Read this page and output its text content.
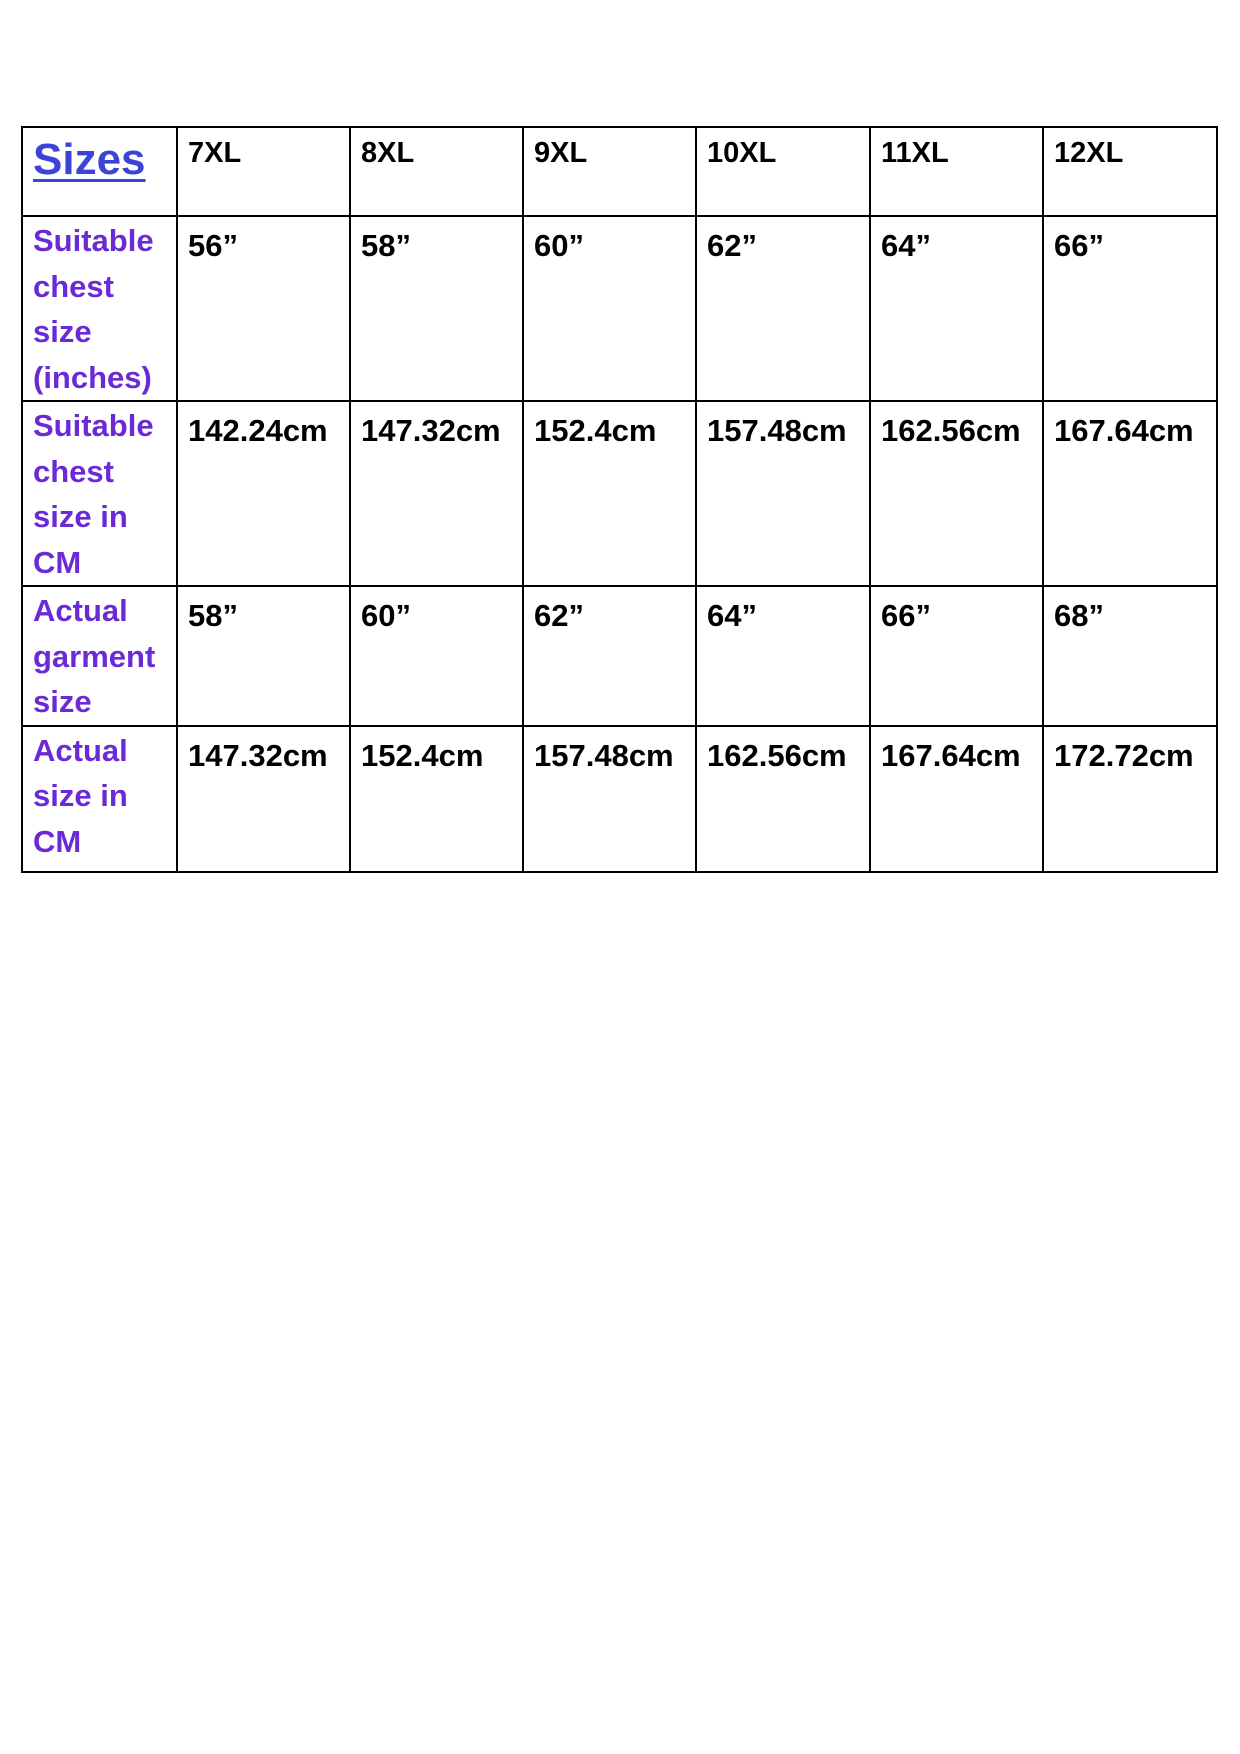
Sizes	7XL	8XL	9XL	10XL	11XL	12XL
Suitable chest size (inches)	56”	58”	60”	62”	64”	66”
Suitable chest size in CM	142.24cm	147.32cm	152.4cm	157.48cm	162.56cm	167.64cm
Actual garment size	58”	60”	62”	64”	66”	68”
Actual size in CM	147.32cm	152.4cm	157.48cm	162.56cm	167.64cm	172.72cm
